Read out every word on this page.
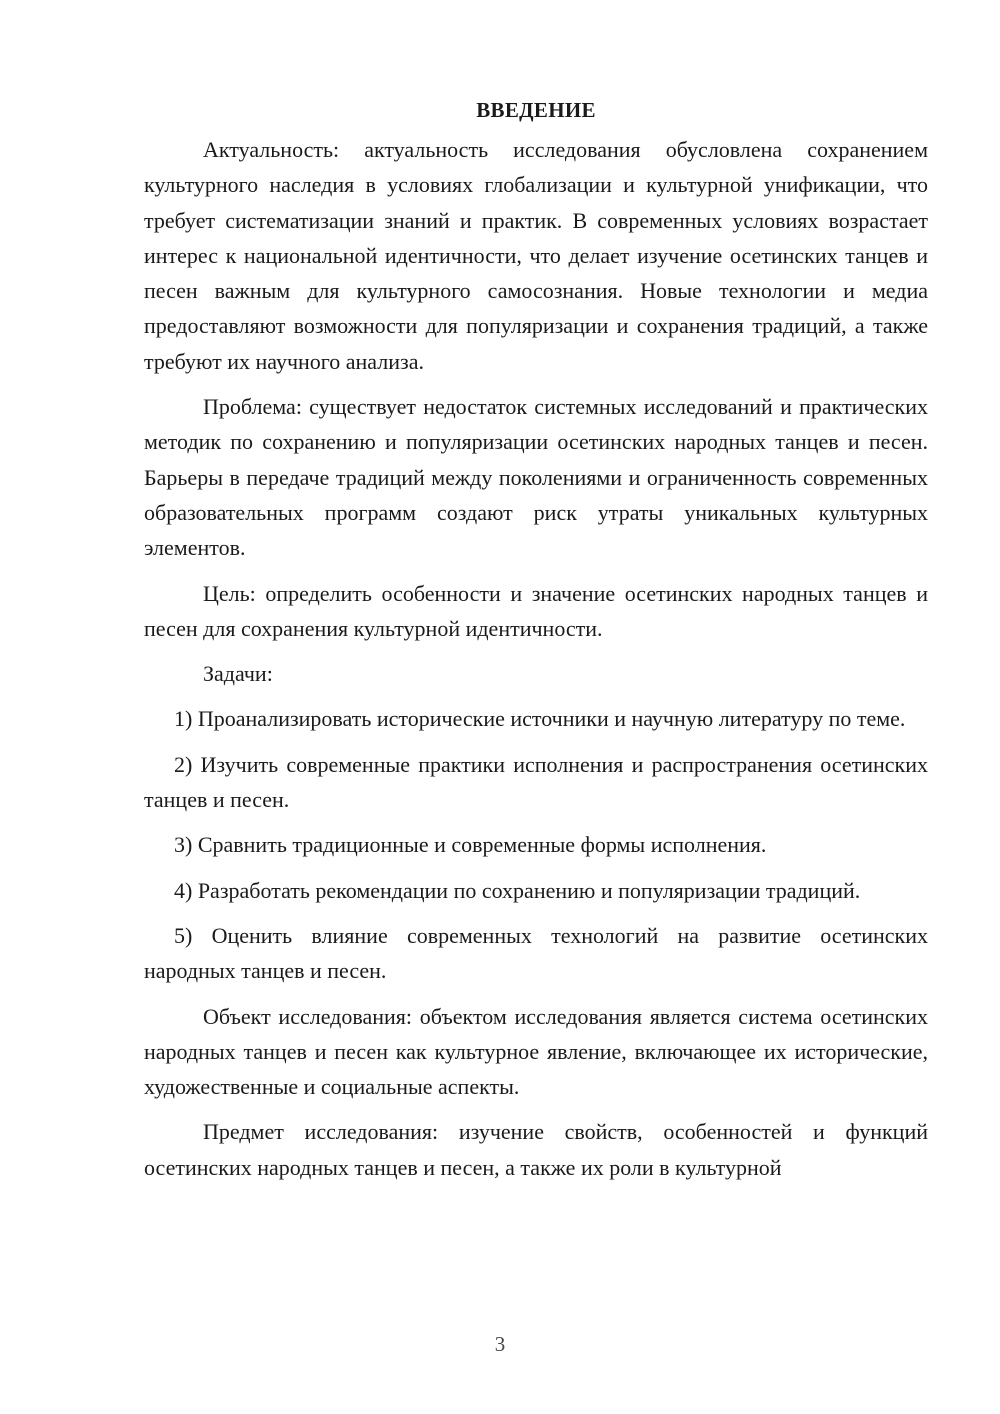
ВВЕДЕНИЕ

Актуальность: актуальность исследования обусловлена сохранением культурного наследия в условиях глобализации и культурной унификации, что требует систематизации знаний и практик. В современных условиях возрастает интерес к национальной идентичности, что делает изучение осетинских танцев и песен важным для культурного самосознания. Новые технологии и медиа предоставляют возможности для популяризации и сохранения традиций, а также требуют их научного анализа.

Проблема: существует недостаток системных исследований и практических методик по сохранению и популяризации осетинских народных танцев и песен. Барьеры в передаче традиций между поколениями и ограниченность современных образовательных программ создают риск утраты уникальных культурных элементов.

Цель: определить особенности и значение осетинских народных танцев и песен для сохранения культурной идентичности.

Задачи:

1) Проанализировать исторические источники и научную литературу по теме.

2) Изучить современные практики исполнения и распространения осетинских танцев и песен.

3) Сравнить традиционные и современные формы исполнения.

4) Разработать рекомендации по сохранению и популяризации традиций.

5) Оценить влияние современных технологий на развитие осетинских народных танцев и песен.

Объект исследования: объектом исследования является система осетинских народных танцев и песен как культурное явление, включающее их исторические, художественные и социальные аспекты.

Предмет исследования: изучение свойств, особенностей и функций осетинских народных танцев и песен, а также их роли в культурной

3
